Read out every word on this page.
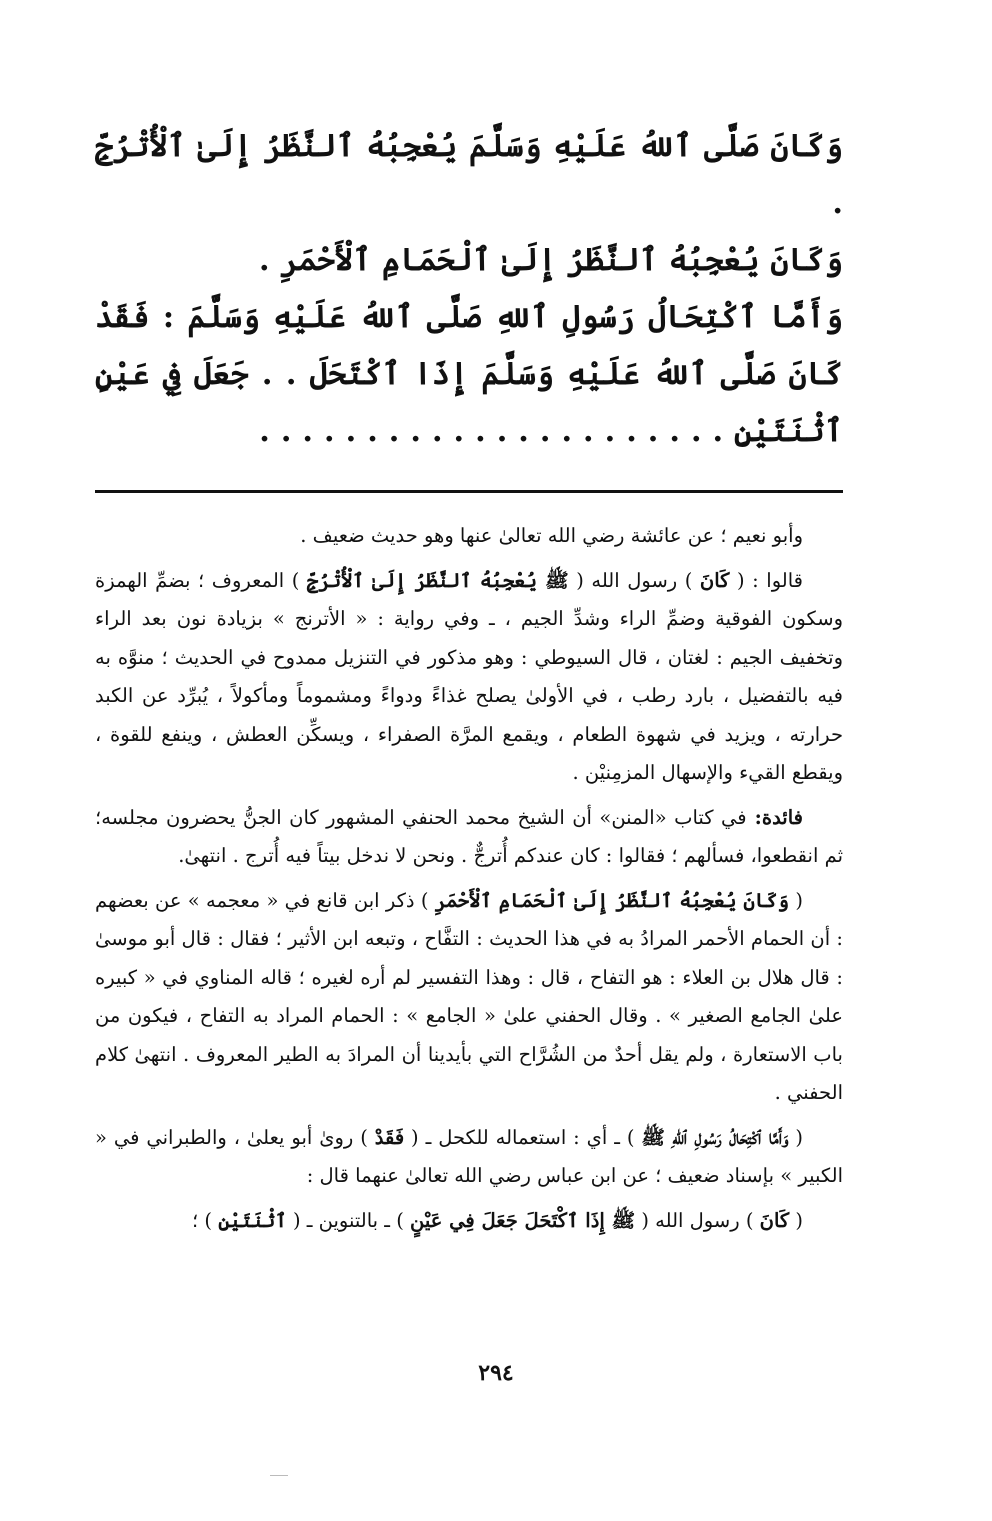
وَكَانَ صَلَّى ٱللهُ عَلَيْهِ وَسَلَّمَ يُعْجِبُهُ ٱلنَّظَرُ إِلَىٰ ٱلْأُتْرُجِّ .

وَكَانَ يُعْجِبُهُ ٱلنَّظَرُ إِلَىٰ ٱلْحَمَامِ ٱلْأَحْمَرِ .

وَأَمَّا ٱكْتِحَالُ رَسُولِ ٱللهِ صَلَّى ٱللهُ عَلَيْهِ وَسَلَّمَ : فَقَدْ كَانَ صَلَّى ٱللهُ عَلَيْهِ وَسَلَّمَ إِذَا ٱكْتَحَلَ . . جَعَلَ فِي عَيْنٍ ٱثْنَتَيْنِ . . . . . . . . . . . . . . . . . . . . . .

وأبو نعيم ؛ عن عائشة رضي الله تعالىٰ عنها وهو حديث ضعيف .

قالوا : ( كَانَ ) رسول الله ( ﷺ يُعْجِبُهُ ٱلنَّظَرُ إِلَىٰ ٱلْأُتْرُجِّ ) المعروف ؛ بضمِّ الهمزة وسكون الفوقية وضمِّ الراء وشدِّ الجيم ، ـ وفي رواية : « الأترنج » بزيادة نون بعد الراء وتخفيف الجيم : لغتان ، قال السيوطي : وهو مذكور في التنزيل ممدوح في الحديث ؛ منوَّه به فيه بالتفضيل ، بارد رطب ، في الأولىٰ يصلح غذاءً ودواءً ومشموماً ومأكولاً ، يُبرِّد عن الكبد حرارته ، ويزيد في شهوة الطعام ، ويقمع المرَّة الصفراء ، ويسكِّن العطش ، وينفع للقوة ، ويقطع القيء والإسهال المزمِنيْن .

فائدة: في كتاب «المنن» أن الشيخ محمد الحنفي المشهور كان الجنُّ يحضرون مجلسه؛ ثم انقطعوا، فسألهم ؛ فقالوا : كان عندكم أُترجٌّ . ونحن لا ندخل بيتاً فيه أُترج . انتهىٰ.

( وَكَانَ يُعْجِبُهُ ٱلنَّظَرُ إِلَىٰ ٱلْحَمَامِ ٱلْأَحْمَرِ ) ذكر ابن قانع في « معجمه » عن بعضهم : أن الحمام الأحمر المرادُ به في هذا الحديث : التفَّاح ، وتبعه ابن الأثير ؛ فقال : قال أبو موسىٰ : قال هلال بن العلاء : هو التفاح ، قال : وهذا التفسير لم أره لغيره ؛ قاله المناوي في « كبيره علىٰ الجامع الصغير » . وقال الحفني علىٰ « الجامع » : الحمام المراد به التفاح ، فيكون من باب الاستعارة ، ولم يقل أحدٌ من الشُرَّاح التي بأيدينا أن المرادَ به الطير المعروف . انتهىٰ كلام الحفني .

( وَأَمَّا ٱكْتِحَالُ رَسُولِ ٱللهِ ﷺ ) ـ أي : استعماله للكحل ـ ( فَقَدْ ) روىٰ أبو يعلىٰ ، والطبراني في « الكبير » بإسناد ضعيف ؛ عن ابن عباس رضي الله تعالىٰ عنهما قال :

( كَانَ ) رسول الله ( ﷺ إِذَا ٱكْتَحَلَ جَعَلَ فِي عَيْنٍ ) ـ بالتنوين ـ ( ٱثْنَتَيْنِ ) ؛

٢٩٤
